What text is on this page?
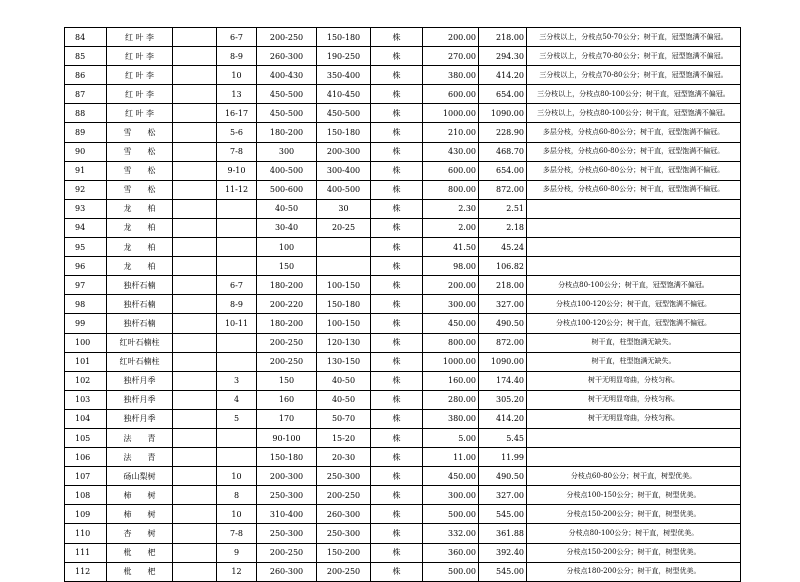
84	红 叶 李		6-7	200-250	150-180	株	200.00	218.00	三分枝以上，分枝点50-70公分；树干直，冠型饱满不偏冠。
85	红 叶 李		8-9	260-300	190-250	株	270.00	294.30	三分枝以上，分枝点70-80公分；树干直，冠型饱满不偏冠。
86	红 叶 李		10	400-430	350-400	株	380.00	414.20	三分枝以上，分枝点70-80公分；树干直，冠型饱满不偏冠。
87	红 叶 李		13	450-500	410-450	株	600.00	654.00	三分枝以上，分枝点80-100公分；树干直，冠型饱满不偏冠。
88	红 叶 李		16-17	450-500	450-500	株	1000.00	1090.00	三分枝以上，分枝点80-100公分；树干直，冠型饱满不偏冠。
89	雪　　松		5-6	180-200	150-180	株	210.00	228.90	多层分枝，分枝点60-80公分；树干直，冠型饱满不偏冠。
90	雪　　松		7-8	300	200-300	株	430.00	468.70	多层分枝，分枝点60-80公分；树干直，冠型饱满不偏冠。
91	雪　　松		9-10	400-500	300-400	株	600.00	654.00	多层分枝，分枝点60-80公分；树干直，冠型饱满不偏冠。
92	雪　　松		11-12	500-600	400-500	株	800.00	872.00	多层分枝，分枝点60-80公分；树干直，冠型饱满不偏冠。
93	龙　　柏			40-50	30	株	2.30	2.51	
94	龙　　柏			30-40	20-25	株	2.00	2.18	
95	龙　　柏			100		株	41.50	45.24	
96	龙　　柏			150		株	98.00	106.82	
97	独杆石楠		6-7	180-200	100-150	株	200.00	218.00	分枝点80-100公分；树干直，冠型饱满不偏冠。
98	独杆石楠		8-9	200-220	150-180	株	300.00	327.00	分枝点100-120公分；树干直，冠型饱满不偏冠。
99	独杆石楠		10-11	180-200	100-150	株	450.00	490.50	分枝点100-120公分；树干直，冠型饱满不偏冠。
100	红叶石楠柱			200-250	120-130	株	800.00	872.00	树干直，柱型饱满无缺失。
101	红叶石楠柱			200-250	130-150	株	1000.00	1090.00	树干直，柱型饱满无缺失。
102	独杆月季		3	150	40-50	株	160.00	174.40	树干无明显弯曲，分枝匀称。
103	独杆月季		4	160	40-50	株	280.00	305.20	树干无明显弯曲，分枝匀称。
104	独杆月季		5	170	50-70	株	380.00	414.20	树干无明显弯曲，分枝匀称。
105	法　　青			90-100	15-20	株	5.00	5.45	
106	法　　青			150-180	20-30	株	11.00	11.99	
107	砀山梨树		10	200-300	250-300	株	450.00	490.50	分枝点60-80公分；树干直，树型优美。
108	柿　　树		8	250-300	200-250	株	300.00	327.00	分枝点100-150公分；树干直，树型优美。
109	柿　　树		10	310-400	260-300	株	500.00	545.00	分枝点150-200公分；树干直，树型优美。
110	杏　　树		7-8	250-300	250-300	株	332.00	361.88	分枝点80-100公分；树干直，树型优美。
111	枇　　杷		9	200-250	150-200	株	360.00	392.40	分枝点150-200公分；树干直，树型优美。
112	枇　　杷		12	260-300	200-250	株	500.00	545.00	分枝点180-200公分；树干直，树型优美。
